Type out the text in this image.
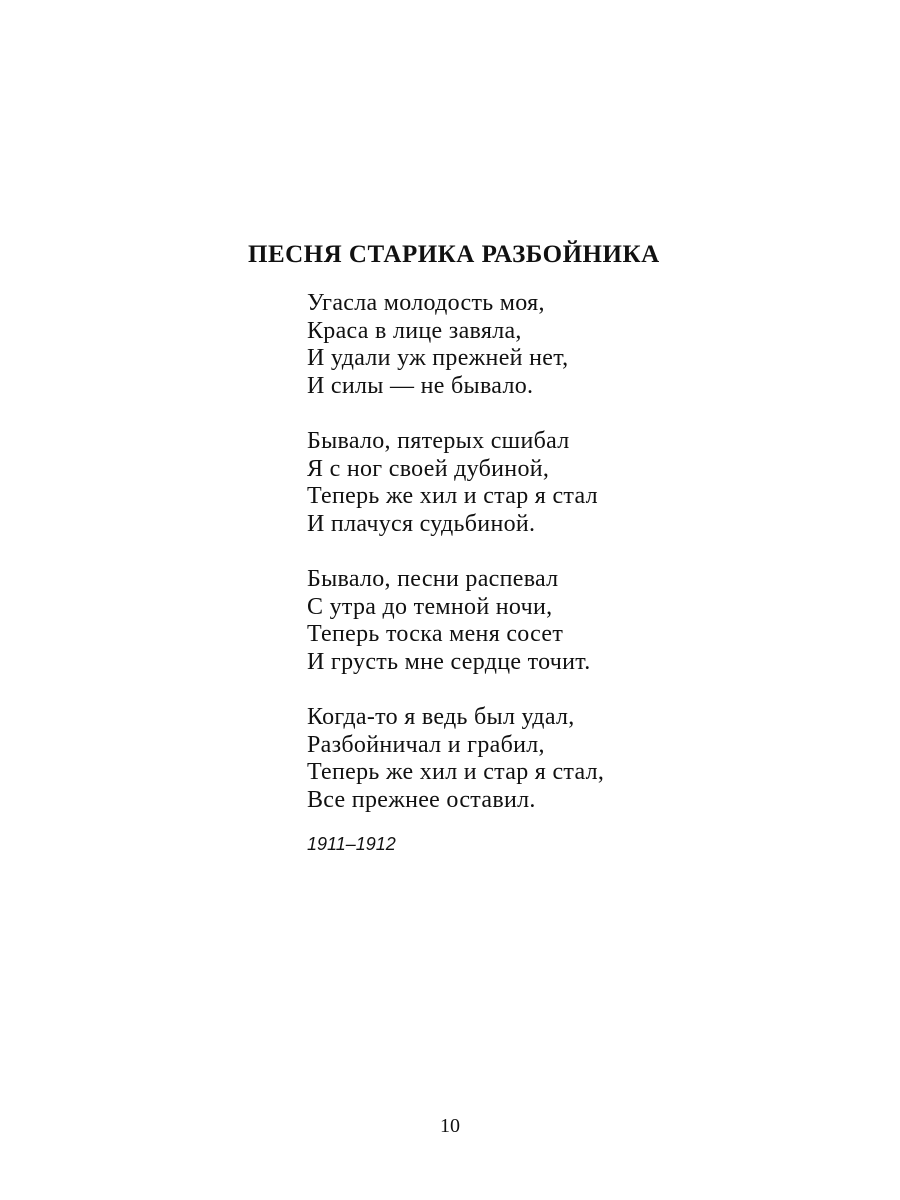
ПЕСНЯ СТАРИКА РАЗБОЙНИКА
Угасла молодость моя,
Краса в лице завяла,
И удали уж прежней нет,
И силы — не бывало.
Бывало, пятерых сшибал
Я с ног своей дубиной,
Теперь же хил и стар я стал
И плачуся судьбиной.
Бывало, песни распевал
С утра до темной ночи,
Теперь тоска меня сосет
И грусть мне сердце точит.
Когда-то я ведь был удал,
Разбойничал и грабил,
Теперь же хил и стар я стал,
Все прежнее оставил.
1911–1912
10
